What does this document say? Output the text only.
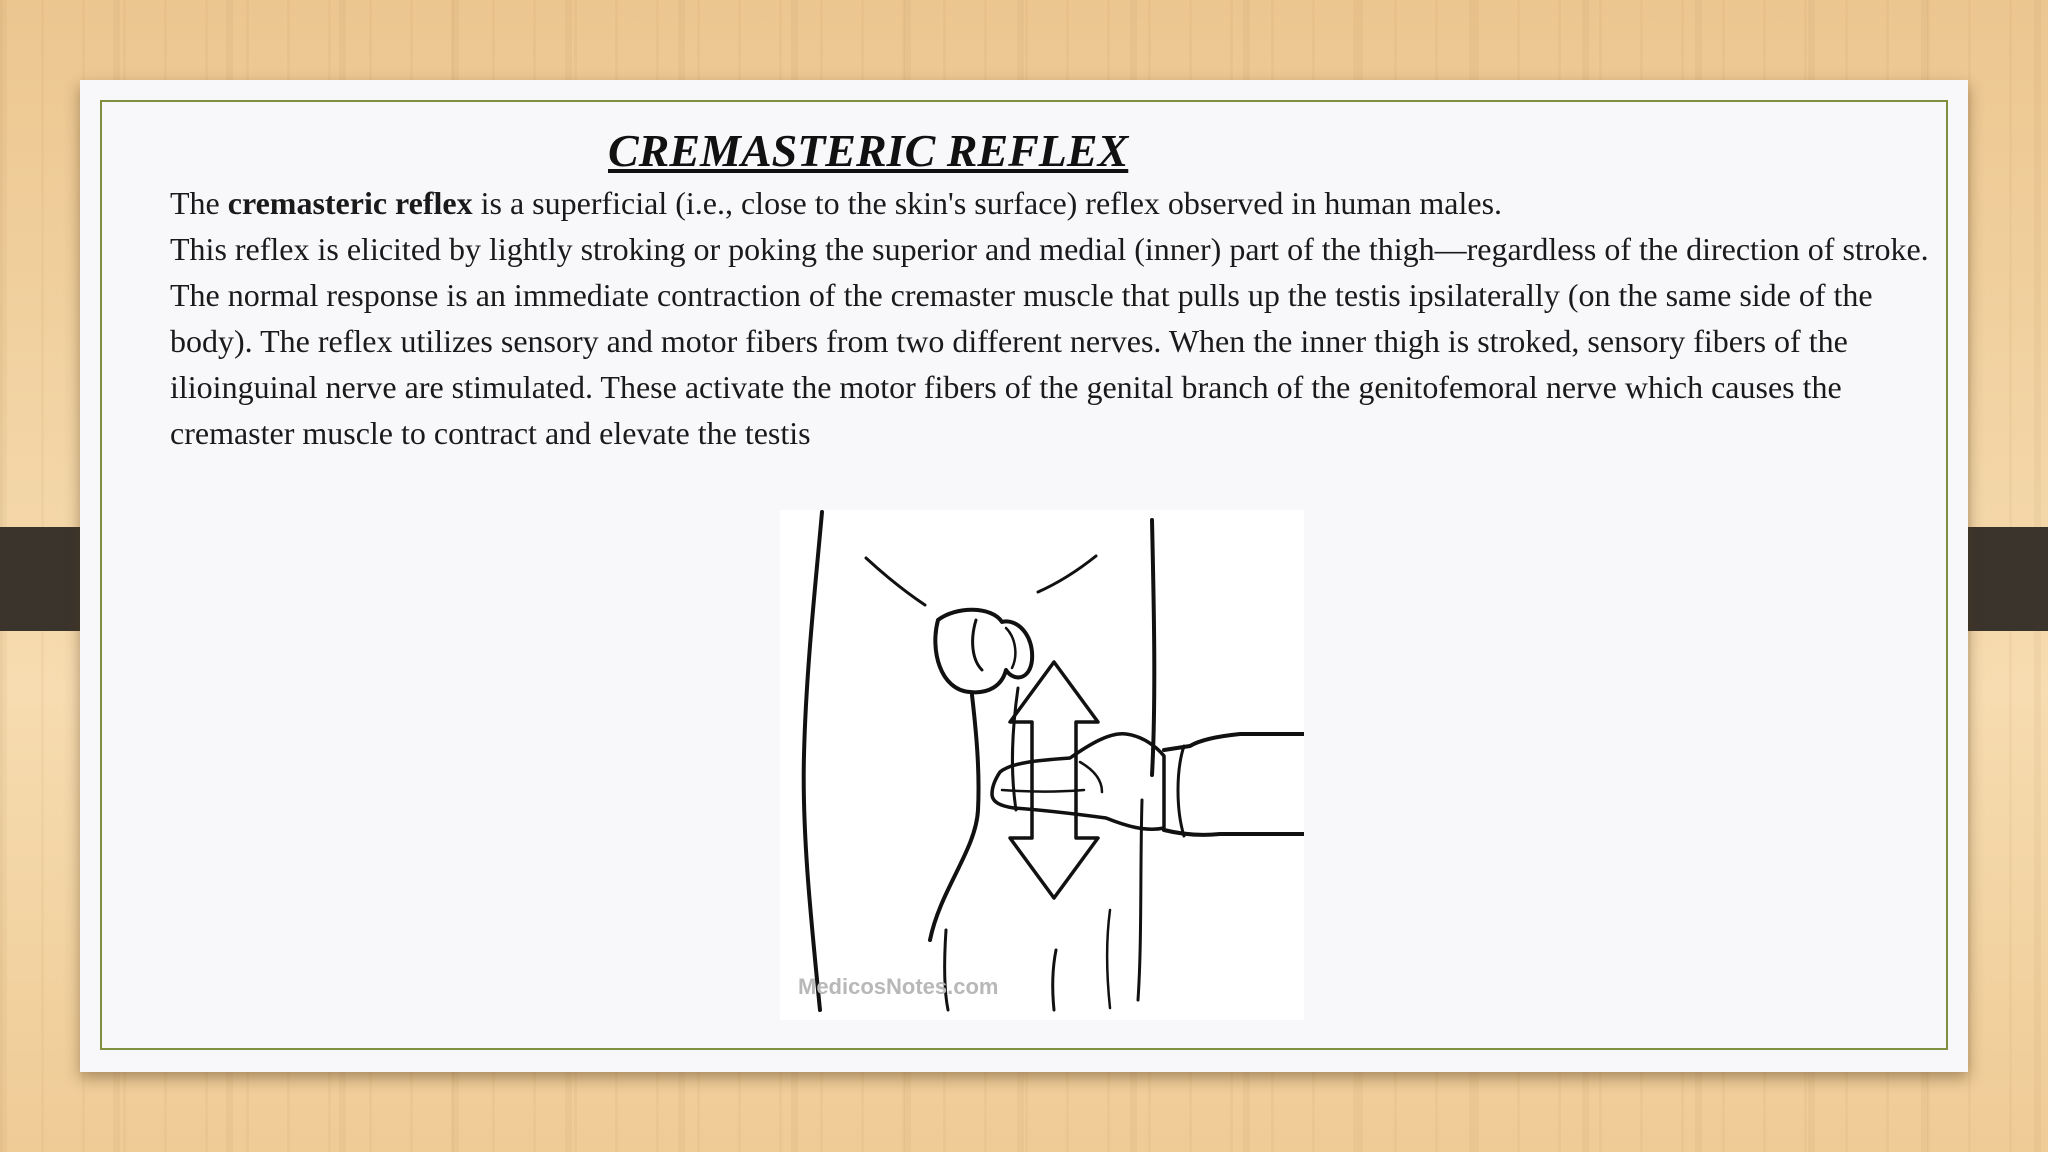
CREMASTERIC REFLEX

The cremasteric reflex is a superficial (i.e., close to the skin's surface) reflex observed in human males.

This reflex is elicited by lightly stroking or poking the superior and medial (inner) part of the thigh—regardless of the direction of stroke. The normal response is an immediate contraction of the cremaster muscle that pulls up the testis ipsilaterally (on the same side of the body). The reflex utilizes sensory and motor fibers from two different nerves. When the inner thigh is stroked, sensory fibers of the ilioinguinal nerve are stimulated. These activate the motor fibers of the genital branch of the genitofemoral nerve which causes the cremaster muscle to contract and elevate the testis

MedicosNotes.com
